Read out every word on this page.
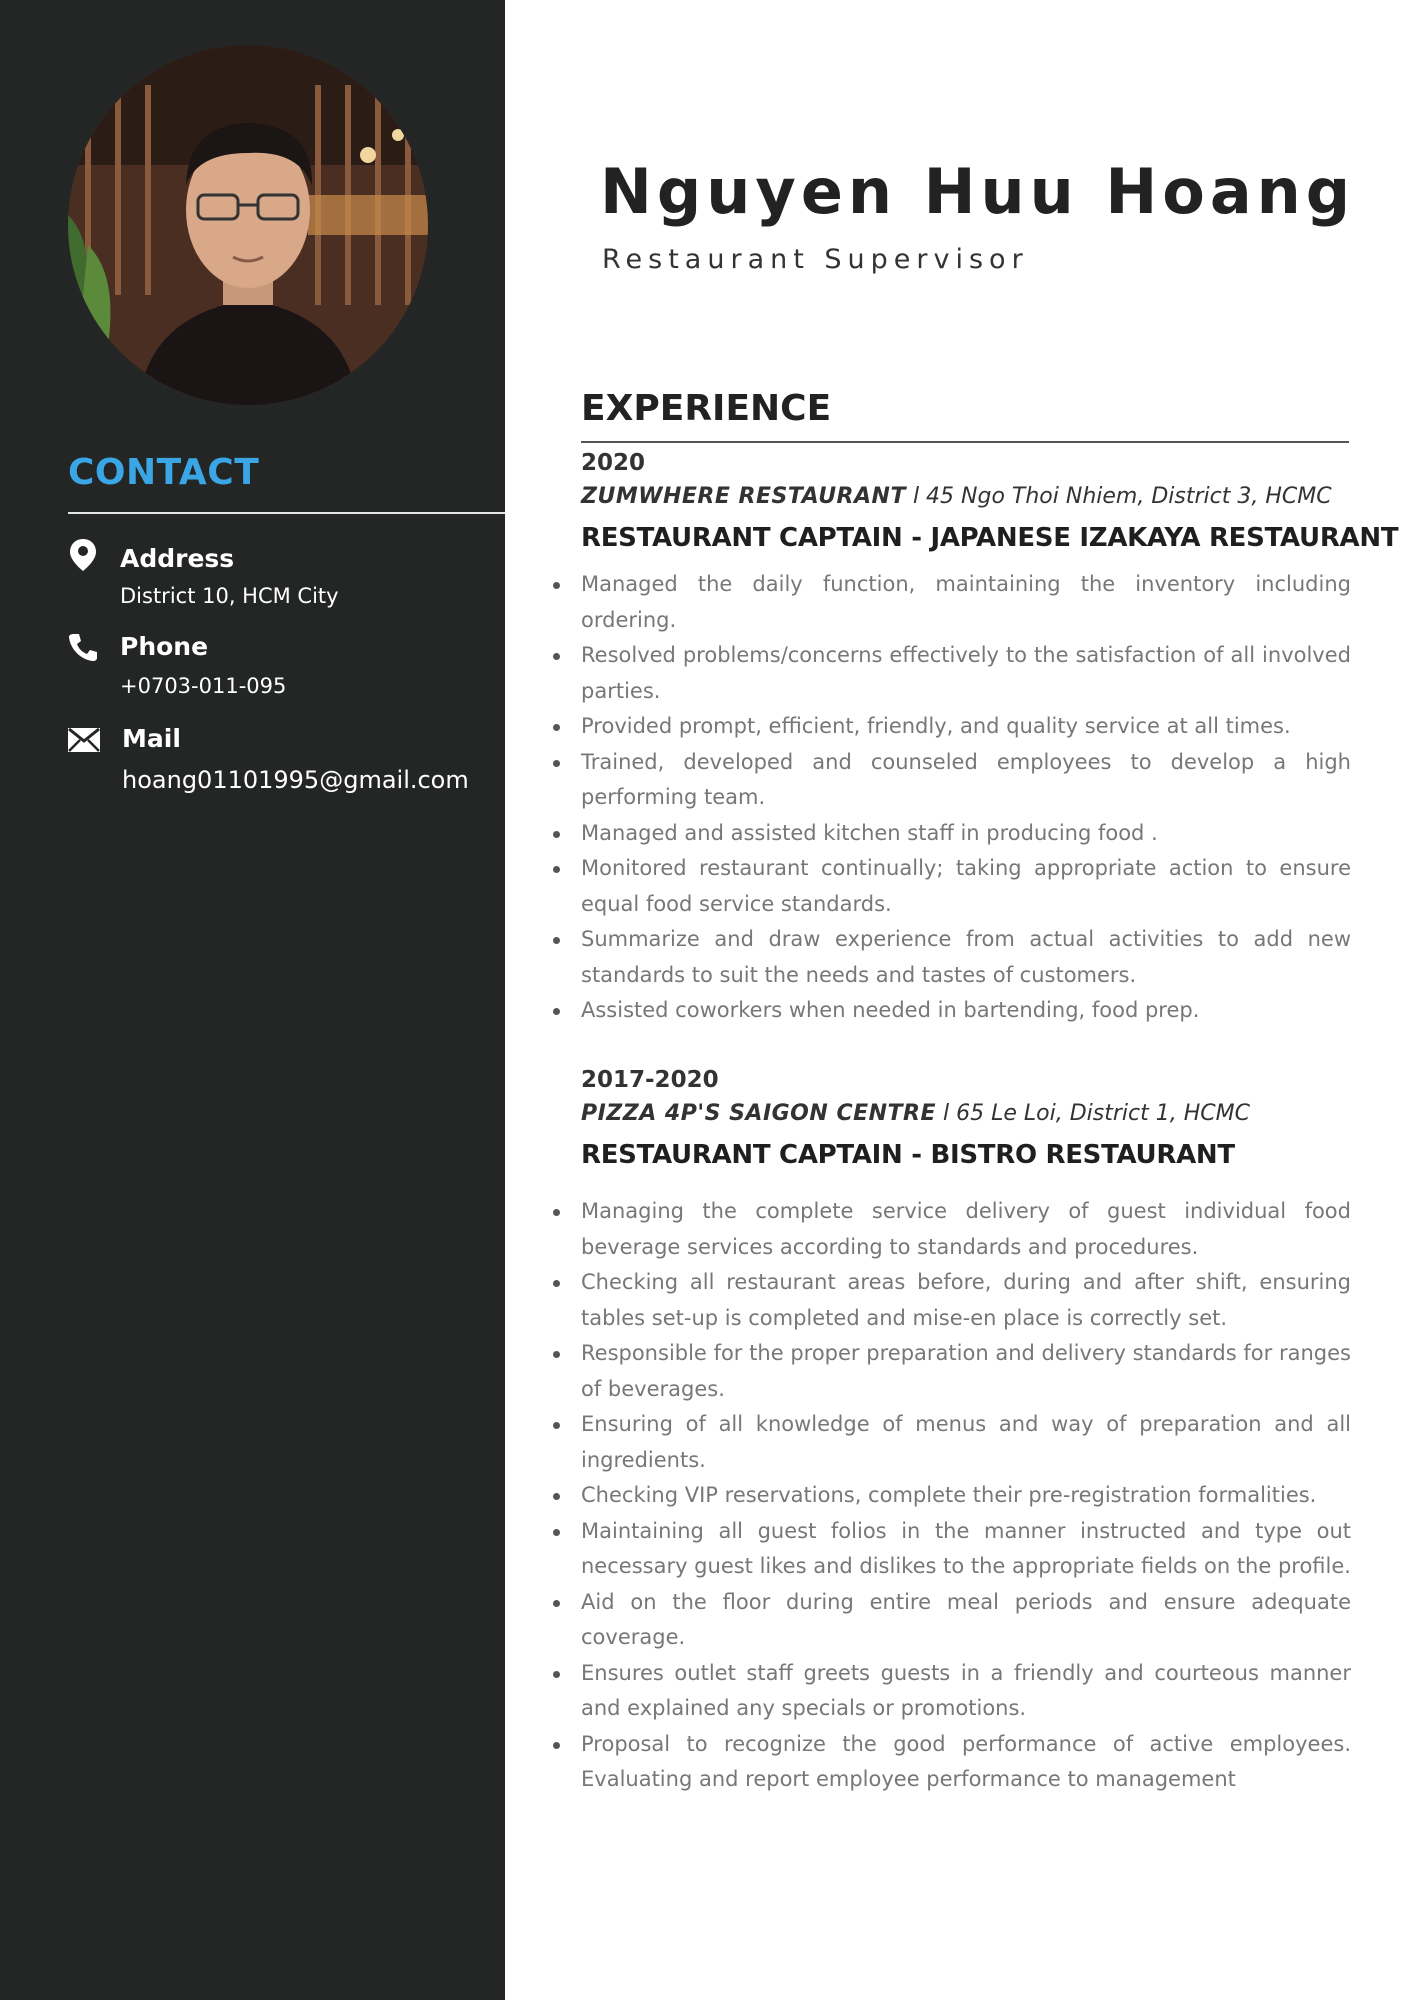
CONTACT
Address
District 10, HCM City
Phone
+0703-011-095
Mail
hoang01101995@gmail.com
Nguyen Huu Hoang

Restaurant Supervisor

EXPERIENCE

2020

ZUMWHERE RESTAURANT l 45 Ngo Thoi Nhiem, District 3, HCMC

RESTAURANT CAPTAIN - JAPANESE IZAKAYA RESTAURANT

Managed the daily function, maintaining the inventory including ordering.
Resolved problems/concerns effectively to the satisfaction of all involved parties.
Provided prompt, efficient, friendly, and quality service at all times.
Trained, developed and counseled employees to develop a high performing team.
Managed and assisted kitchen staff in producing food .
Monitored restaurant continually; taking appropriate action to ensure equal food service standards.
Summarize and draw experience from actual activities to add new standards to suit the needs and tastes of customers.
Assisted coworkers when needed in bartending, food prep.

2017-2020

PIZZA 4P'S SAIGON CENTRE l 65 Le Loi, District 1, HCMC

RESTAURANT CAPTAIN - BISTRO RESTAURANT

Managing the complete service delivery of guest individual food beverage services according to standards and procedures.
Checking all restaurant areas before, during and after shift, ensuring tables set-up is completed and mise-en place is correctly set.
Responsible for the proper preparation and delivery standards for ranges of beverages.
Ensuring of all knowledge of menus and way of preparation and all ingredients.
Checking VIP reservations, complete their pre-registration formalities.
Maintaining all guest folios in the manner instructed and type out necessary guest likes and dislikes to the appropriate fields on the profile.
Aid on the floor during entire meal periods and ensure adequate coverage.
Ensures outlet staff greets guests in a friendly and courteous manner and explained any specials or promotions.
Proposal to recognize the good performance of active employees. Evaluating and report employee performance to management
